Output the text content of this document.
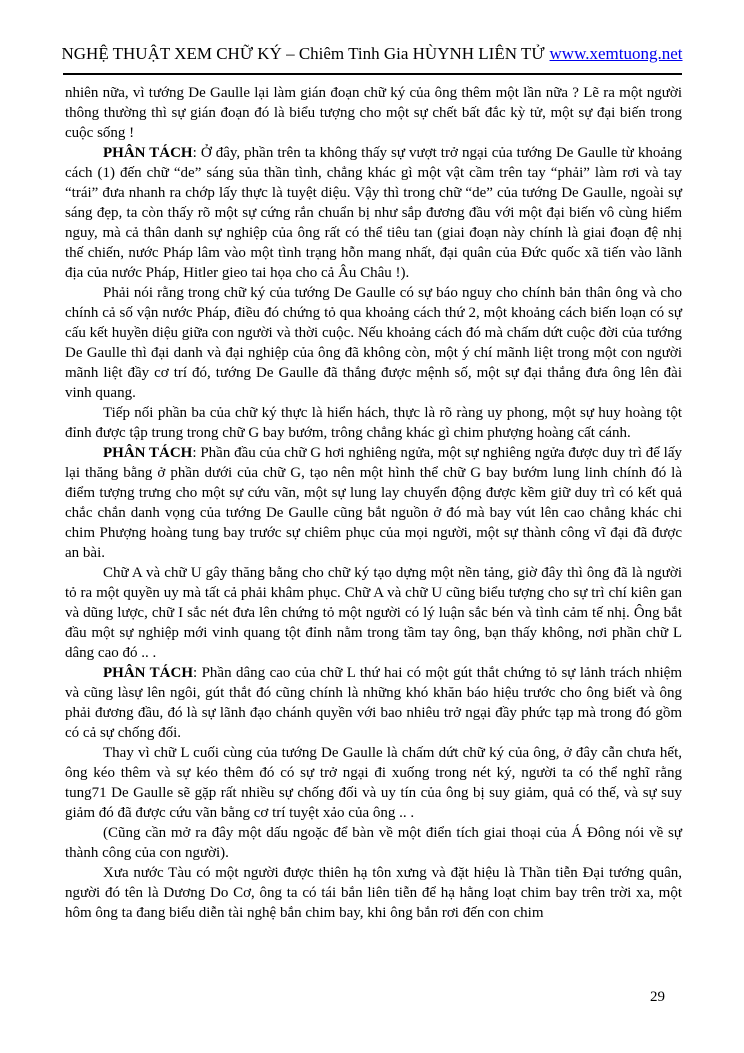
NGHỆ THUẬT XEM CHỮ KÝ – Chiêm Tinh Gia HÙYNH LIÊN TỬ www.xemtuong.net

nhiên nữa, vì tướng De Gaulle lại làm gián đoạn chữ ký của ông thêm một lần nữa ? Lẽ ra một người thông thường thì sự gián đoạn đó là biểu tượng cho một sự chết bất đắc kỳ tử, một sự đại biến trong cuộc sống !

PHÂN TÁCH: Ở đây, phần trên ta không thấy sự vượt trở ngại của tướng De Gaulle từ khoảng cách (1) đến chữ “de” sáng sủa thần tình, chẳng khác gì một vật cầm trên tay “phải” làm rơi và tay “trái” đưa nhanh ra chớp lấy thực là tuyệt diệu. Vậy thì trong chữ “de” của tướng De Gaulle, ngoài sự sáng đẹp, ta còn thấy rõ một sự cứng rắn chuẩn bị như sắp đương đầu với một đại biến vô cùng hiểm nguy, mà cả thân danh sự nghiệp của ông rất có thể tiêu tan (giai đoạn này chính là giai đoạn đệ nhị thế chiến, nước Pháp lâm vào một tình trạng hỗn mang nhất, đại quân của Đức quốc xã tiến vào lãnh địa của nước Pháp, Hitler gieo tai họa cho cả Âu Châu !).

Phải nói rằng trong chữ ký của tướng De Gaulle có sự báo nguy cho chính bản thân ông và cho chính cả số vận nước Pháp, điều đó chứng tỏ qua khoảng cách thứ 2, một khoảng cách biến loạn có sự cấu kết huyền diệu giữa con người và thời cuộc. Nếu khoảng cách đó mà chấm dứt cuộc đời của tướng De Gaulle thì đại danh và đại nghiệp của ông đã không còn, một ý chí mãnh liệt trong một con người mãnh liệt đầy cơ trí đó, tướng De Gaulle đã thắng được mệnh số, một sự đại thắng đưa ông lên đài vinh quang.

Tiếp nối phần ba của chữ ký thực là hiển hách, thực là rõ ràng uy phong, một sự huy hoàng tột đỉnh được tập trung trong chữ G bay bướm, trông chẳng khác gì chim phượng hoàng cất cánh.

PHÂN TÁCH: Phần đầu của chữ G hơi nghiêng ngửa, một sự nghiêng ngửa được duy trì để lấy lại thăng bằng ở phần dưới của chữ G, tạo nên một hình thể chữ G bay bướm lung linh chính đó là điểm tượng trưng cho một sự cứu vãn, một sự lung lay chuyển động được kềm giữ duy trì có kết quả chắc chắn danh vọng của tướng De Gaulle cũng bắt nguồn ở đó mà bay vút lên cao chẳng khác chi chim Phượng hoàng tung bay trước sự chiêm phục của mọi người, một sự thành công vĩ đại đã được an bài.

Chữ A và chữ U gây thăng bằng cho chữ ký tạo dựng một nền tảng, giờ đây thì ông đã là người tỏ ra một quyền uy mà tất cả phải khâm phục. Chữ A và chữ U cũng biểu tượng cho sự trì chí kiên gan và dũng lược, chữ I sắc nét đưa lên chứng tỏ một người có lý luận sắc bén và tình cảm tế nhị. Ông bắt đầu một sự nghiệp mới vinh quang tột đỉnh nằm trong tầm tay ông, bạn thấy không, nơi phần chữ L dâng cao đó .. .

PHÂN TÁCH: Phần dâng cao của chữ L thứ hai có một gút thắt chứng tỏ sự lảnh trách nhiệm và cũng làsự lên ngôi, gút thắt đó cũng chính là những khó khăn báo hiệu trước cho ông biết và ông phải đương đầu, đó là sự lãnh đạo chánh quyền với bao nhiêu trở ngại đầy phức tạp mà trong đó gồm có cả sự chống đối.

Thay vì chữ L cuối cùng của tướng De Gaulle là chấm dứt chữ ký của ông, ở đây cẫn chưa hết, ông kéo thêm và sự kéo thêm đó có sự trở ngại đi xuống trong nét ký, người ta có thể nghĩ rằng tung71 De Gaulle sẽ gặp rất nhiều sự chống đối và uy tín của ông bị suy giảm, quả có thế, và sự suy giảm đó đã được cứu vãn bằng cơ trí tuyệt xảo của ông .. .

(Cũng cần mở ra đây một dấu ngoặc để bàn về một điển tích giai thoại của Á Đông nói về sự thành công của con người).

Xưa nước Tàu có một người được thiên hạ tôn xưng và đặt hiệu là Thần tiễn Đại tướng quân, người đó tên là Dương Do Cơ, ông ta có tái bắn liên tiễn để hạ hằng loạt chim bay trên trời xa, một hôm ông ta đang biểu diễn tài nghệ bắn chim bay, khi ông bắn rơi đến con chim

29
